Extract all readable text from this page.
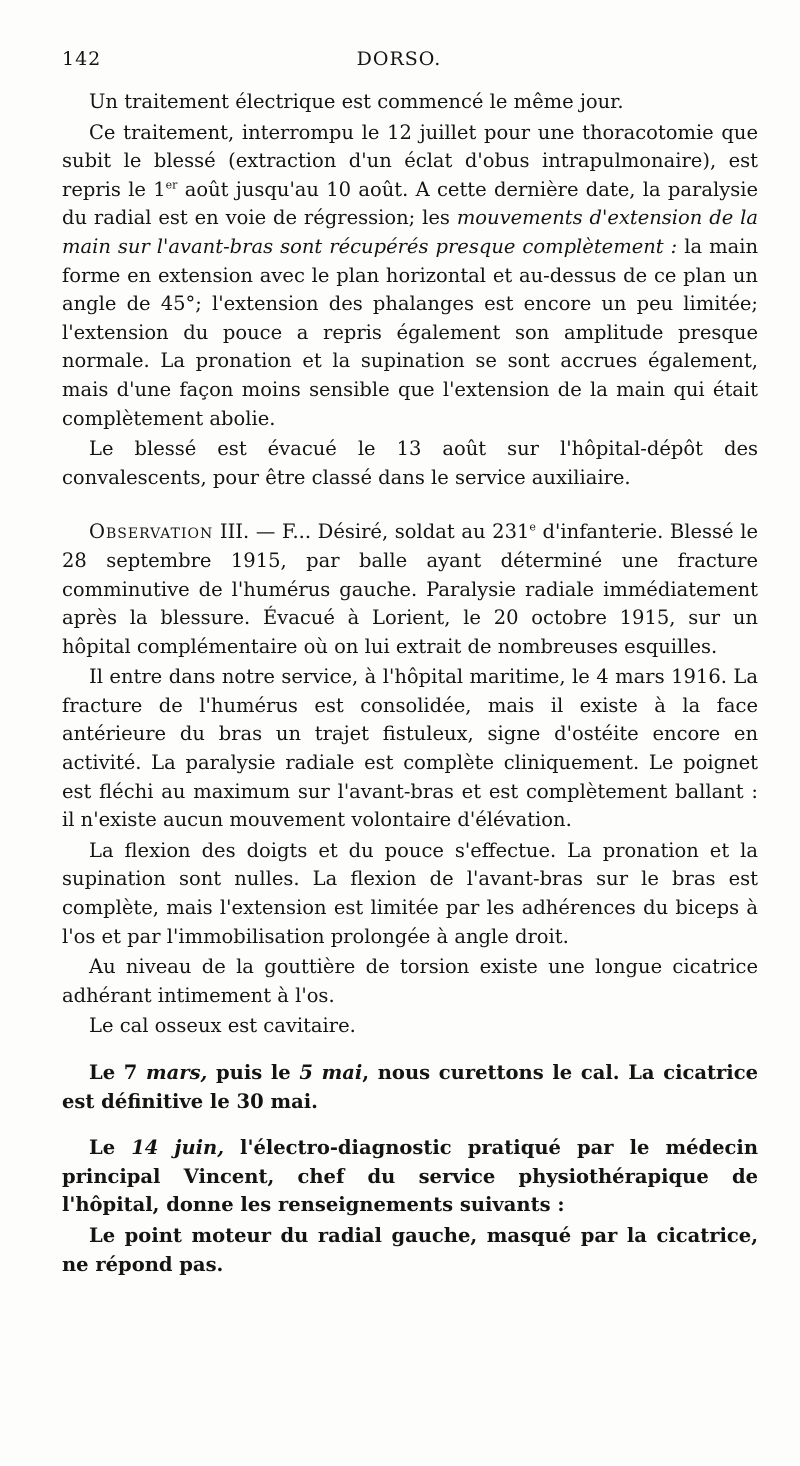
142	DORSO.

Un traitement électrique est commencé le même jour.

Ce traitement, interrompu le 12 juillet pour une thoracotomie que subit le blessé (extraction d'un éclat d'obus intrapulmonaire), est repris le 1er août jusqu'au 10 août. A cette dernière date, la paralysie du radial est en voie de régression; les mouvements d'extension de la main sur l'avant-bras sont récupérés presque complètement : la main forme en extension avec le plan horizontal et au-dessus de ce plan un angle de 45°; l'extension des phalanges est encore un peu limitée; l'extension du pouce a repris également son amplitude presque normale. La pronation et la supination se sont accrues également, mais d'une façon moins sensible que l'extension de la main qui était complètement abolie.

Le blessé est évacué le 13 août sur l'hôpital-dépôt des convalescents, pour être classé dans le service auxiliaire.

Observation III. — F... Désiré, soldat au 231e d'infanterie. Blessé le 28 septembre 1915, par balle ayant déterminé une fracture comminutive de l'humérus gauche. Paralysie radiale immédiatement après la blessure. Évacué à Lorient, le 20 octobre 1915, sur un hôpital complémentaire où on lui extrait de nombreuses esquilles.

Il entre dans notre service, à l'hôpital maritime, le 4 mars 1916. La fracture de l'humérus est consolidée, mais il existe à la face antérieure du bras un trajet fistuleux, signe d'ostéite encore en activité. La paralysie radiale est complète cliniquement. Le poignet est fléchi au maximum sur l'avant-bras et est complètement ballant : il n'existe aucun mouvement volontaire d'élévation.

La flexion des doigts et du pouce s'effectue. La pronation et la supination sont nulles. La flexion de l'avant-bras sur le bras est complète, mais l'extension est limitée par les adhérences du biceps à l'os et par l'immobilisation prolongée à angle droit.

Au niveau de la gouttière de torsion existe une longue cicatrice adhérant intimement à l'os.

Le cal osseux est cavitaire.

Le 7 mars, puis le 5 mai, nous curettons le cal. La cicatrice est définitive le 30 mai.

Le 14 juin, l'électro-diagnostic pratiqué par le médecin principal Vincent, chef du service physiothérapique de l'hôpital, donne les renseignements suivants :

Le point moteur du radial gauche, masqué par la cicatrice, ne répond pas.
